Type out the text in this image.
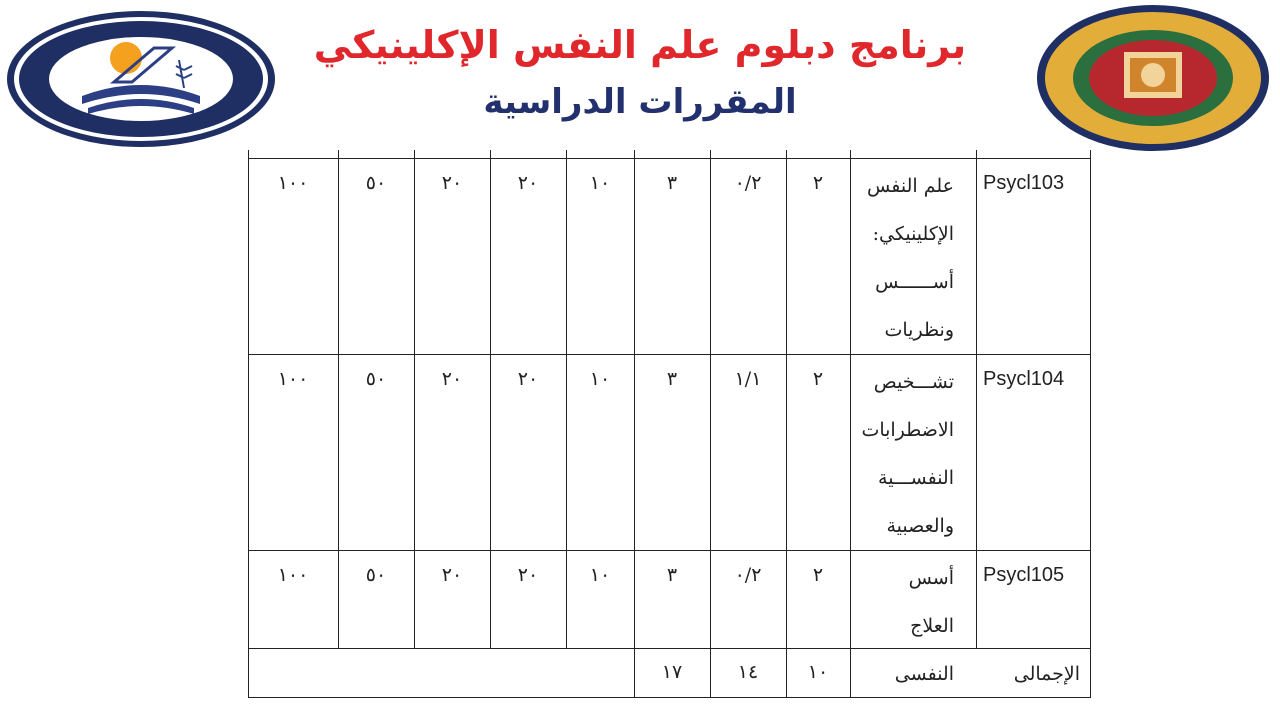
برنامج دبلوم علم النفس الإكلينيكي
المقررات الدراسية
Psycl103
علم النفس
الإكلينيكي:
أســــــس
ونظريات
٢
٠/٢
٣
١٠
٢٠
٢٠
٥٠
١٠٠
Psycl104
تشـــخيص
الاضطرابات
النفســـية
والعصبية
٢
١/١
٣
١٠
٢٠
٢٠
٥٠
١٠٠
Psycl105
أسس العلاج
النفسى
٢
٠/٢
٣
١٠
٢٠
٢٠
٥٠
١٠٠
الإجمالى
١٠
١٤
١٧
